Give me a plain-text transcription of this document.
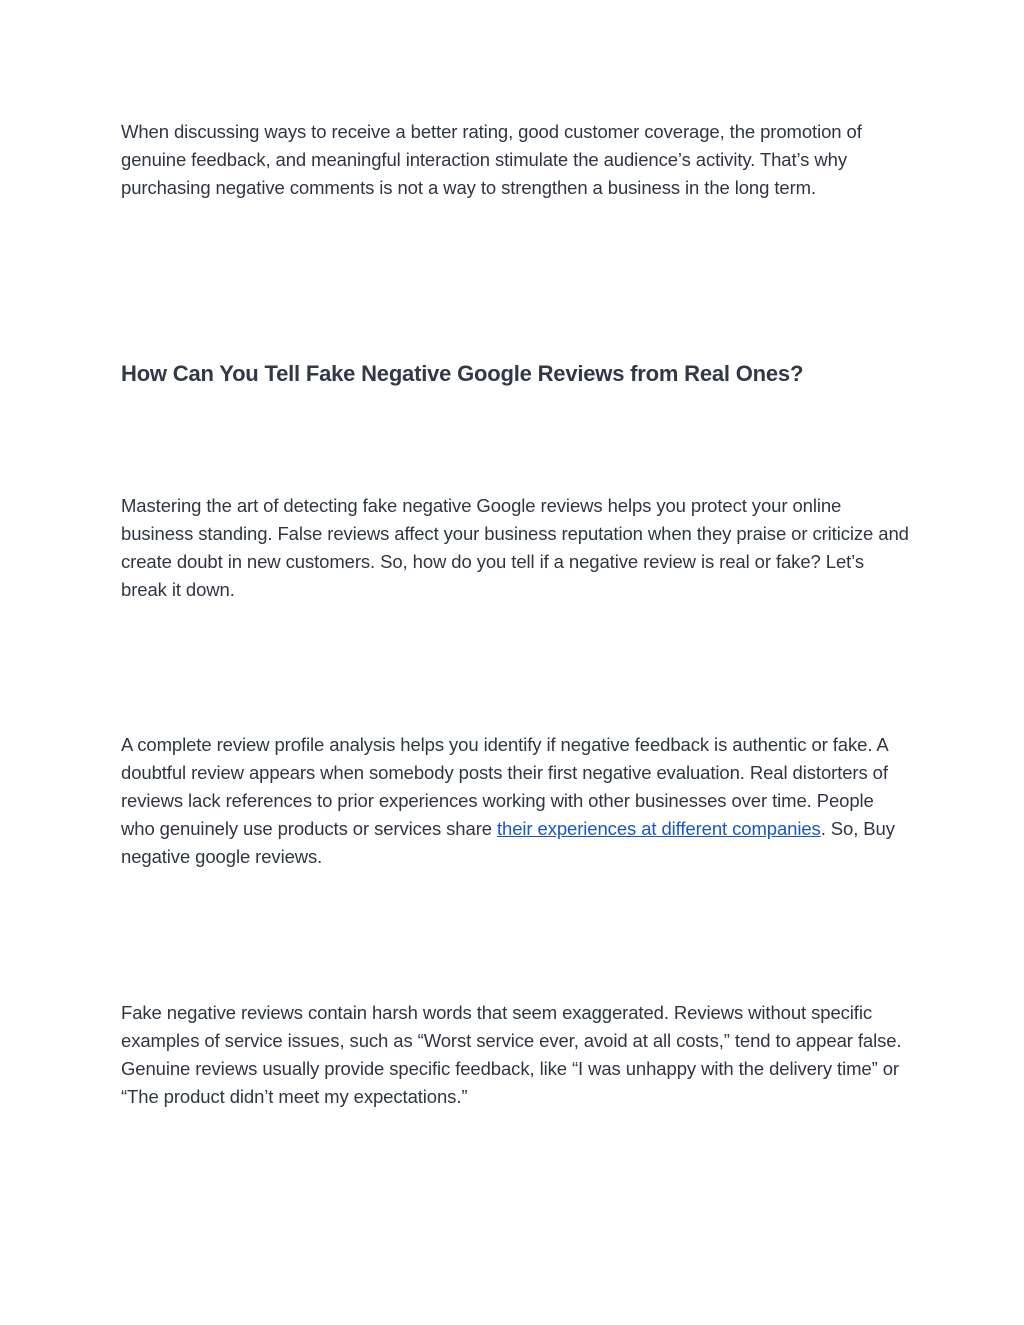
When discussing ways to receive a better rating, good customer coverage, the promotion of genuine feedback, and meaningful interaction stimulate the audience’s activity. That’s why purchasing negative comments is not a way to strengthen a business in the long term.

How Can You Tell Fake Negative Google Reviews from Real Ones?

Mastering the art of detecting fake negative Google reviews helps you protect your online business standing. False reviews affect your business reputation when they praise or criticize and create doubt in new customers. So, how do you tell if a negative review is real or fake? Let’s break it down.

A complete review profile analysis helps you identify if negative feedback is authentic or fake. A doubtful review appears when somebody posts their first negative evaluation. Real distorters of reviews lack references to prior experiences working with other businesses over time. People who genuinely use products or services share their experiences at different companies. So, Buy negative google reviews.

Fake negative reviews contain harsh words that seem exaggerated. Reviews without specific examples of service issues, such as “Worst service ever, avoid at all costs,” tend to appear false. Genuine reviews usually provide specific feedback, like “I was unhappy with the delivery time” or “The product didn’t meet my expectations.”
